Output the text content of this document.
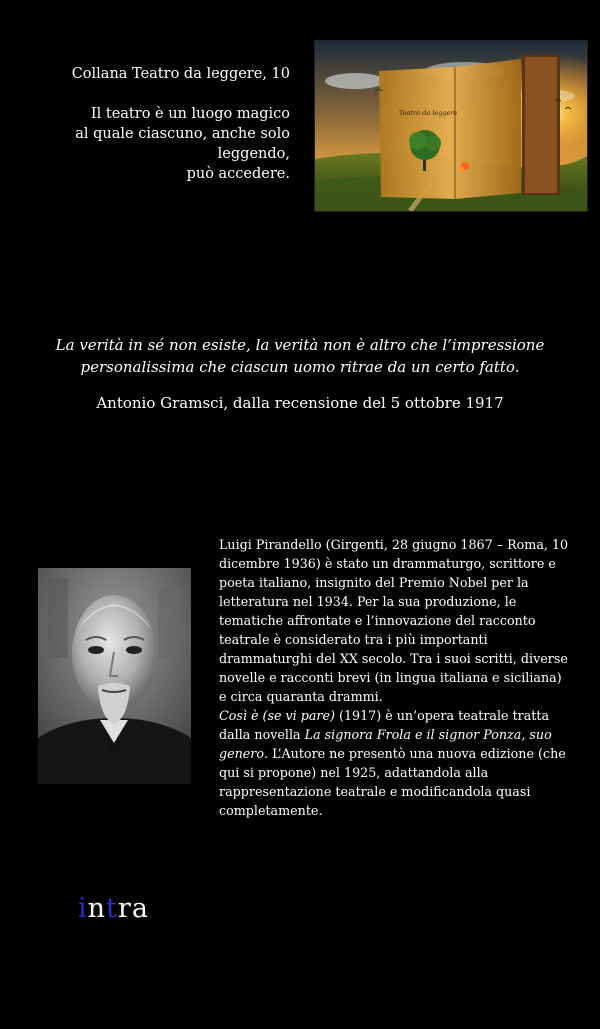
Collana Teatro da leggere, 10

Il teatro è un luogo magico

al quale ciascuno, anche solo leggendo,

può accedere.

Teatro da leggere

La verità in sé non esiste, la verità non è altro che l’impressione personalissima che ciascun uomo ritrae da un certo fatto.

Antonio Gramsci, dalla recensione del 5 ottobre 1917

Luigi Pirandello (Girgenti, 28 giugno 1867 – Roma, 10 dicembre 1936) è stato un drammaturgo, scrittore e poeta italiano, insignito del Premio Nobel per la letteratura nel 1934. Per la sua produzione, le tematiche affrontate e l’innovazione del racconto teatrale è considerato tra i più importanti drammaturghi del XX secolo. Tra i suoi scritti, diverse novelle e racconti brevi (in lingua italiana e siciliana) e circa quaranta drammi.

Così è (se vi pare) (1917) è un’opera teatrale tratta dalla novella La signora Frola e il signor Ponza, suo genero. L’Autore ne presentò una nuova edizione (che qui si propone) nel 1925, adattandola alla rappresentazione teatrale e modificandola quasi completamente.

intra
